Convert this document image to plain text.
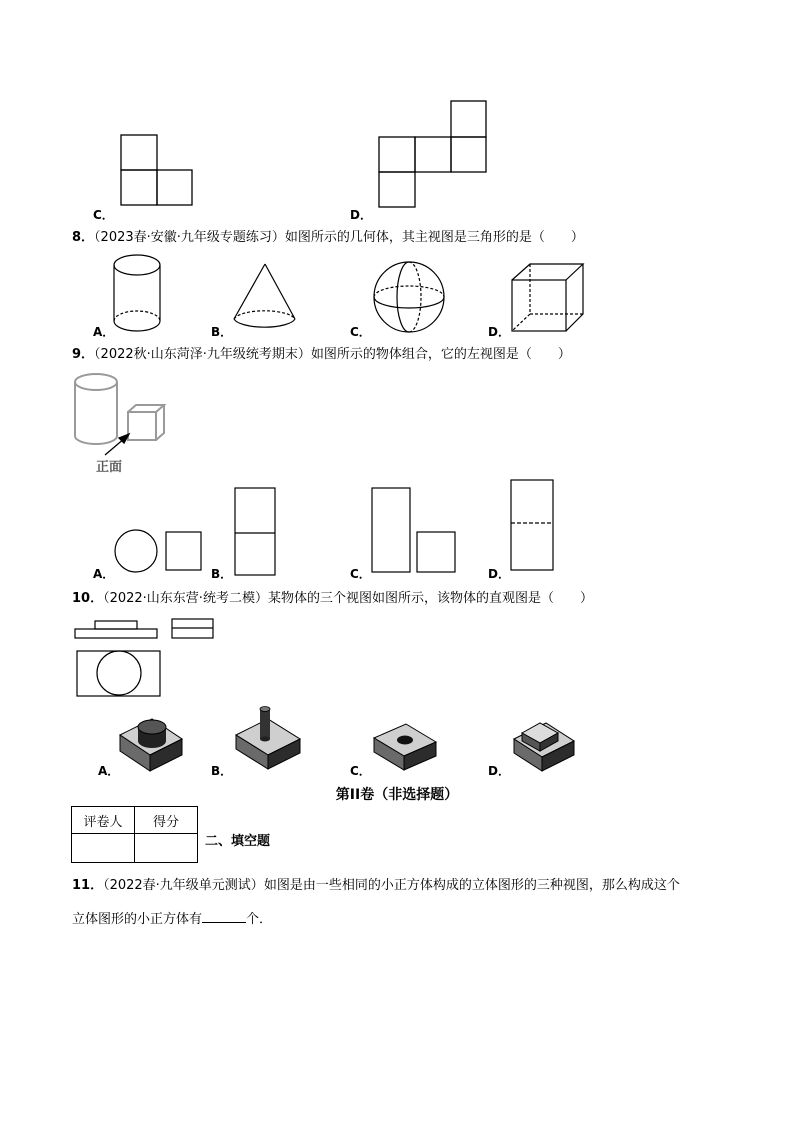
C．	D．
8．（2023春·安徽·九年级专题练习）如图所示的几何体，其主视图是三角形的是（　　）
A．	B．	C．	D．
9．（2022秋·山东菏泽·九年级统考期末）如图所示的物体组合，它的左视图是（　　）
正面
A．	B．	C．	D．
10．（2022·山东东营·统考二模）某物体的三个视图如图所示，该物体的直观图是（　　）
A．	B．	C．	D．
第II卷（非选择题）
评卷人	得分

二、填空题
11．（2022春·九年级单元测试）如图是由一些相同的小正方体构成的立体图形的三种视图，那么构成这个
立体图形的小正方体有	个．
